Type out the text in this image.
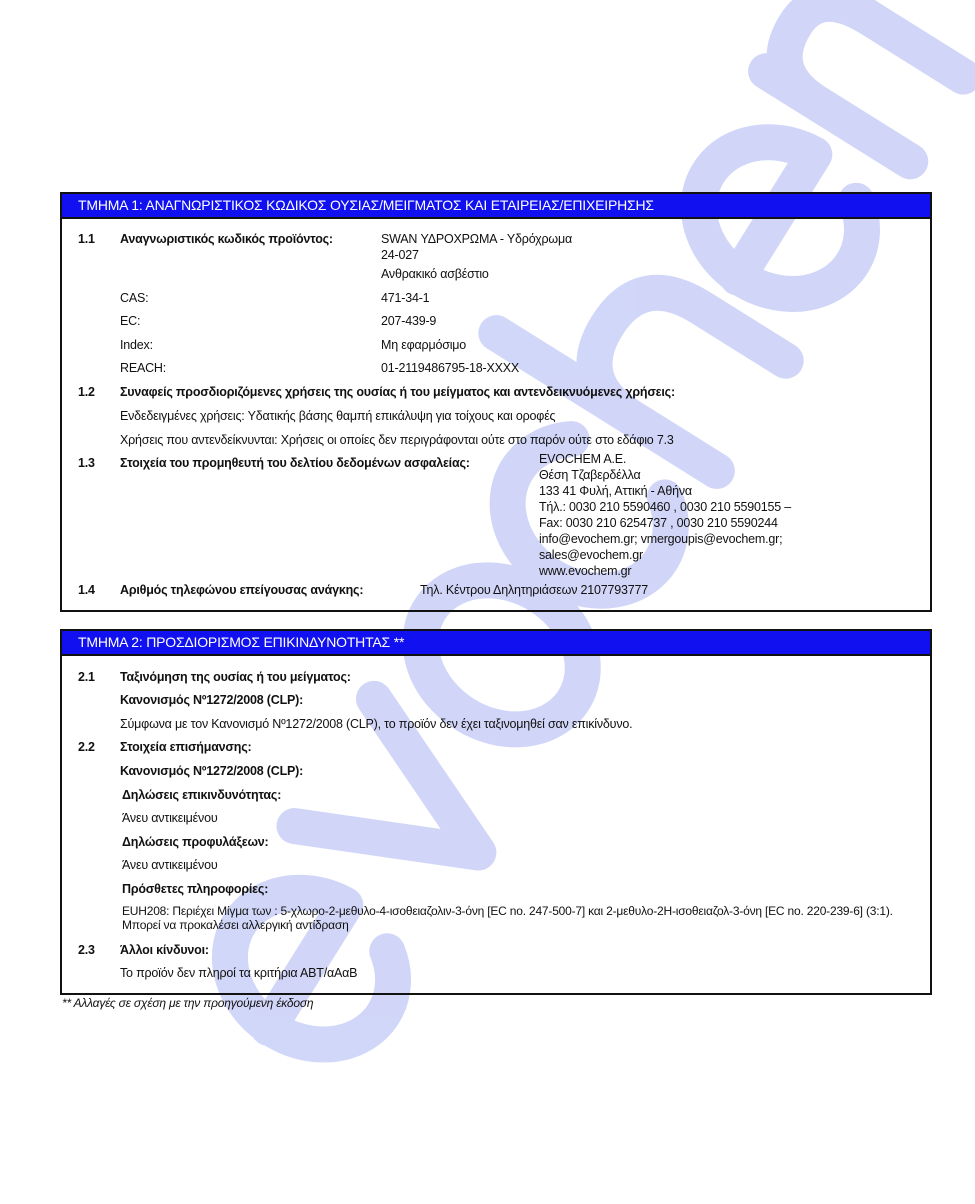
ΤΜΗΜΑ 1: ΑΝΑΓΝΩΡΙΣΤΙΚΟΣ ΚΩΔΙΚΟΣ ΟΥΣΙΑΣ/ΜΕΙΓΜΑΤΟΣ ΚΑΙ ΕΤΑΙΡΕΙΑΣ/ΕΠΙΧΕΙΡΗΣΗΣ
ΤΜΗΜΑ 2: ΠΡΟΣΔΙΟΡΙΣΜΟΣ ΕΠΙΚΙΝΔΥΝΟΤΗΤΑΣ **
1.1 Αναγνωριστικός κωδικός προϊόντος:	SWAN ΥΔΡΟΧΡΩΜΑ - Υδρόχρωμα
24-027
Ανθρακικό ασβέστιο
CAS:	471-34-1
EC:	207-439-9
Index:	Μη εφαρμόσιμο
REACH:	01-2119486795-18-XXXX
1.2 Συναφείς προσδιοριζόμενες χρήσεις της ουσίας ή του μείγματος και αντενδεικνυόμενες χρήσεις:
Ενδεδειγμένες χρήσεις: Υδατικής βάσης θαμπή επικάλυψη για τοίχους και οροφές
Χρήσεις που αντενδείκνυνται: Χρήσεις οι οποίες δεν περιγράφονται ούτε στο παρόν ούτε στο εδάφιο 7.3
1.3 Στοιχεία του προμηθευτή του δελτίου δεδομένων ασφαλείας:	EVOCHEM A.E.
Θέση Τζαβερδέλλα
133 41 Φυλή, Αττική - Αθήνα
Τήλ.: 0030 210 5590460 , 0030 210 5590155 –
Fax: 0030 210 6254737 , 0030 210 5590244
info@evochem.gr; vmergoupis@evochem.gr;
sales@evochem.gr
www.evochem.gr
1.4 Αριθμός τηλεφώνου επείγουσας ανάγκης:	Τηλ. Κέντρου Δηλητηριάσεων 2107793777
2.1 Ταξινόμηση της ουσίας ή του μείγματος:
Κανονισμός Nº1272/2008 (CLP):
Σύμφωνα με τον Κανονισμό Nº1272/2008 (CLP), το προϊόν δεν έχει ταξινομηθεί σαν επικίνδυνο.
2.2 Στοιχεία επισήμανσης:
Κανονισμός Nº1272/2008 (CLP):
Δηλώσεις επικινδυνότητας:
Άνευ αντικειμένου
Δηλώσεις προφυλάξεων:
Άνευ αντικειμένου
Πρόσθετες πληροφορίες:
EUH208: Περιέχει Μίγμα των : 5-χλωρο-2-μεθυλο-4-ισοθειαζολιν-3-όνη [EC no. 247-500-7] και 2-μεθυλο-2Η-ισοθειαζολ-3-όνη [EC no. 220-239-6] (3:1). Μπορεί να προκαλέσει αλλεργική αντίδραση
2.3 Άλλοι κίνδυνοι:
Το προϊόν δεν πληροί τα κριτήρια ΑΒΤ/αΑαΒ
** Αλλαγές σε σχέση με την προηγούμενη έκδοση
